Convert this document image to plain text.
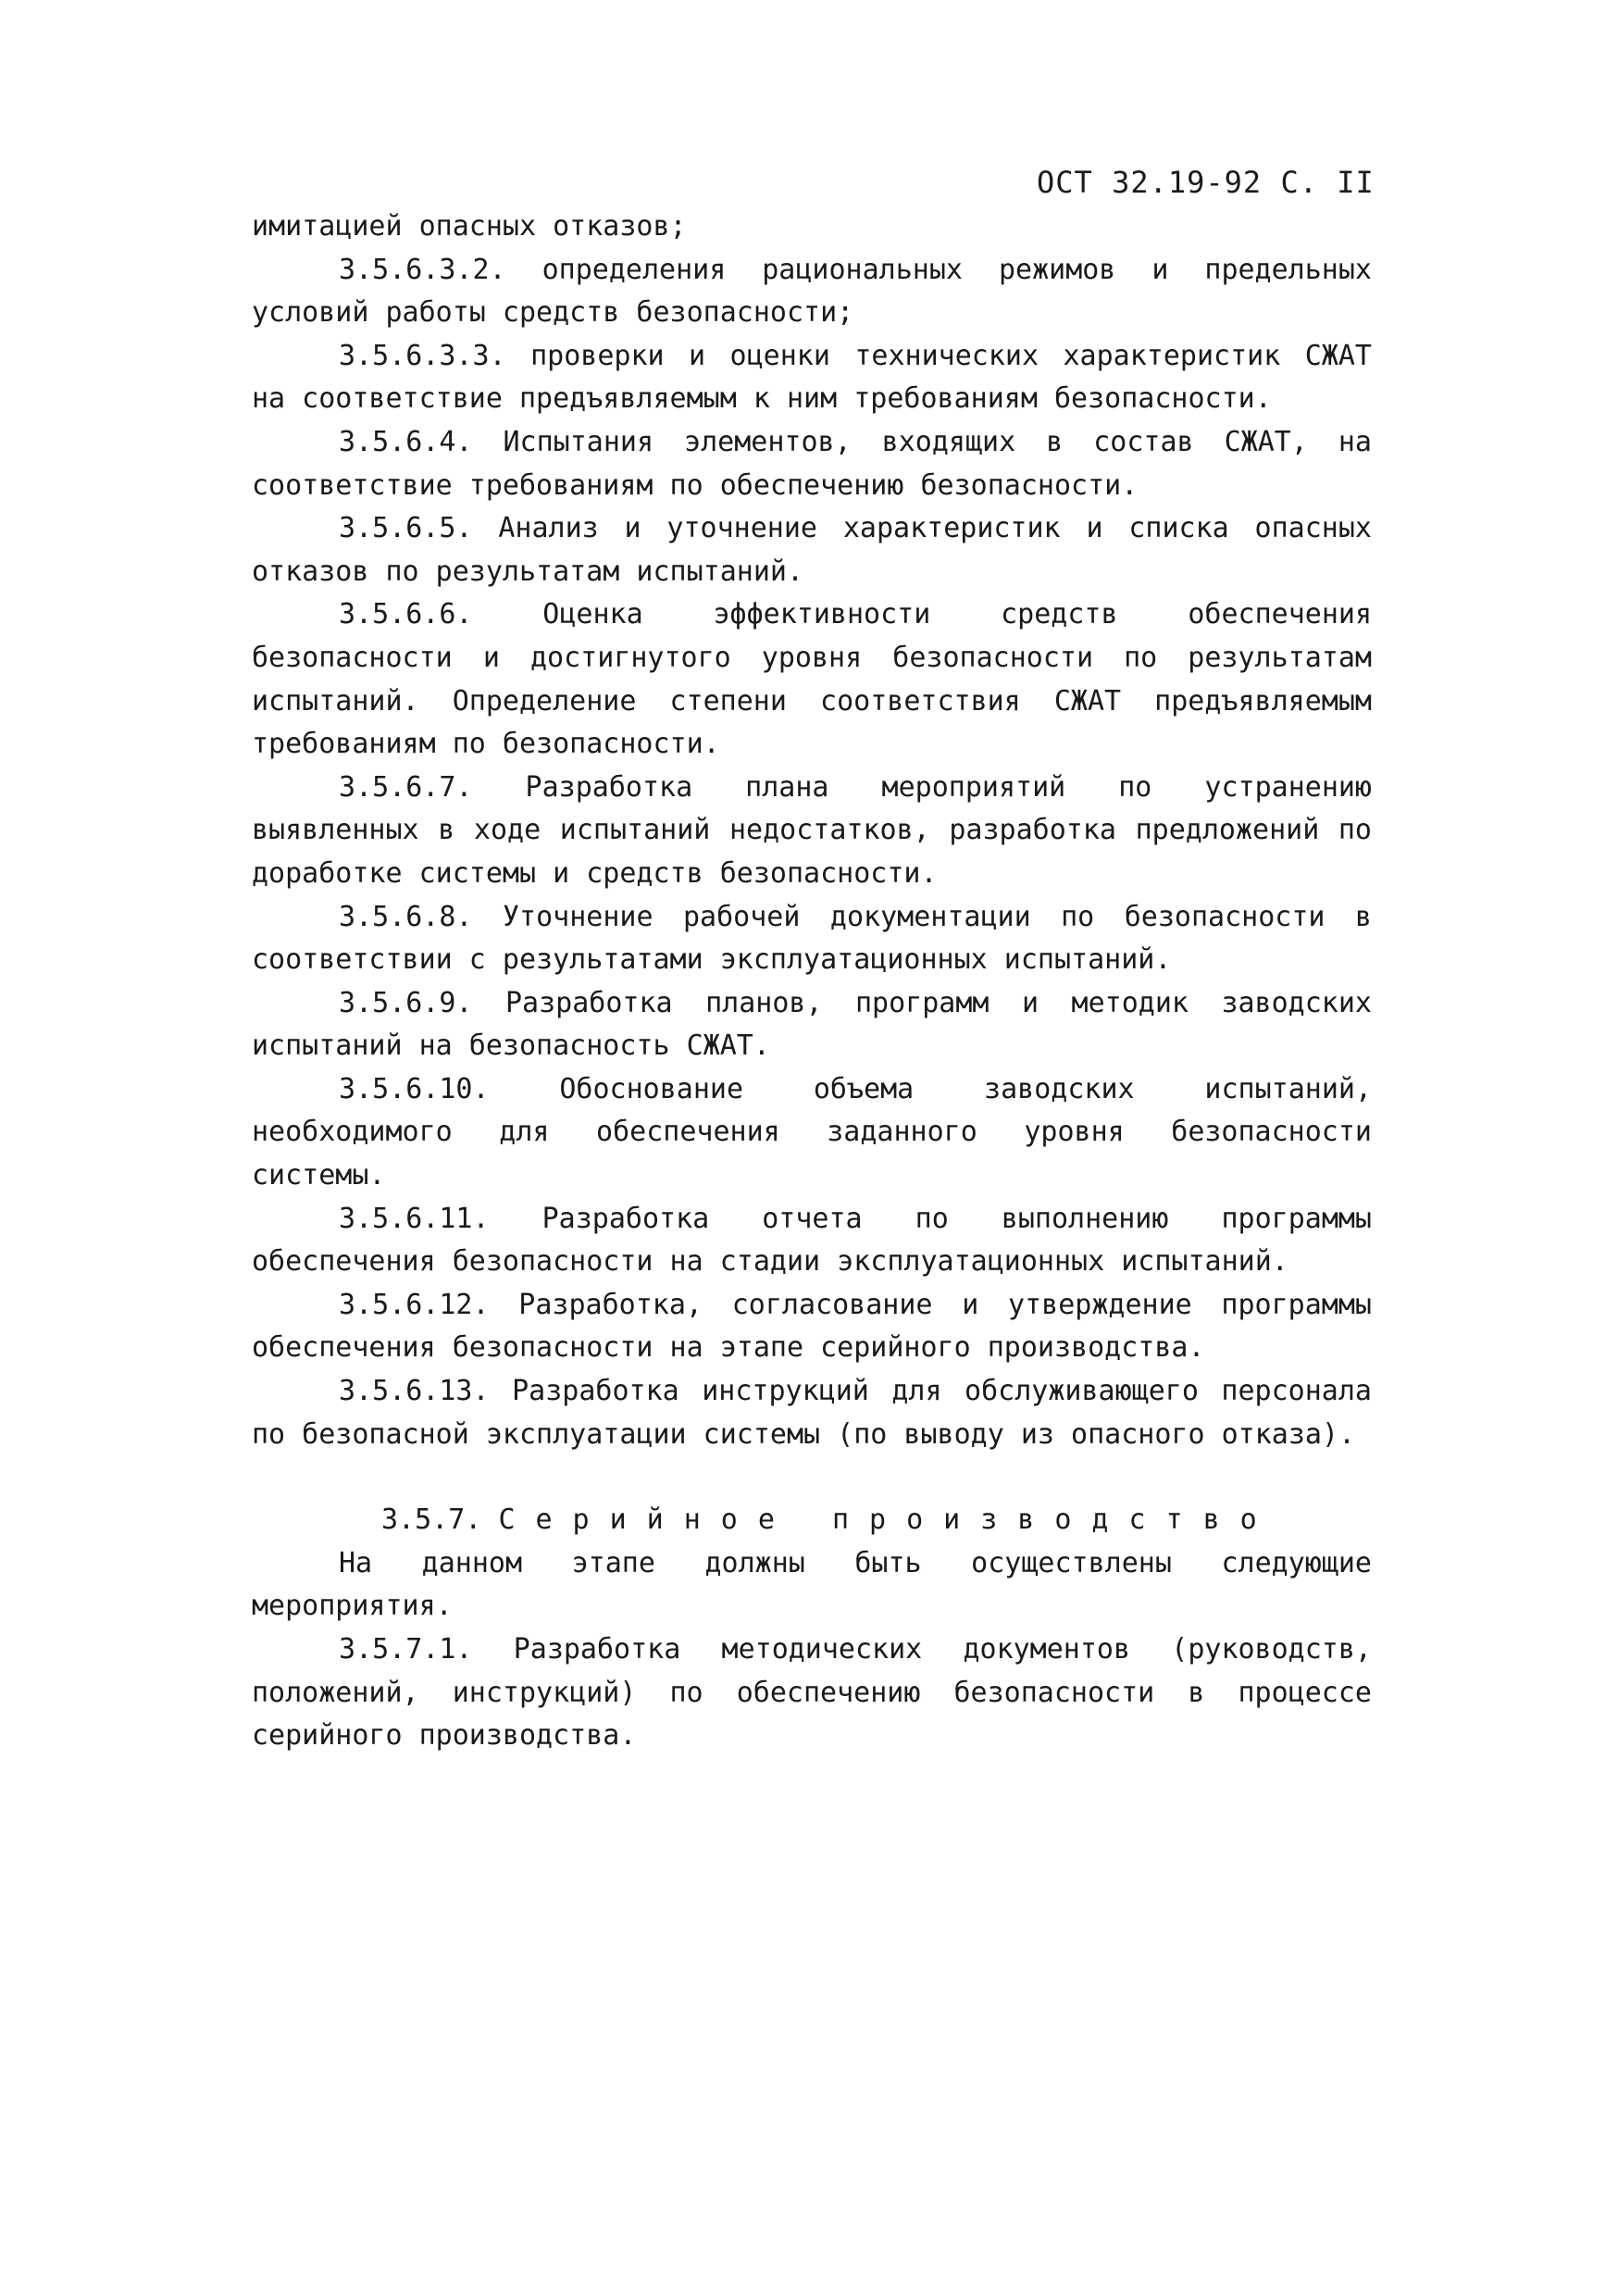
ОСТ 32.19-92 С. II

имитацией опасных отказов;

3.5.6.3.2. определения рациональных режимов и предельных условий работы средств безопасности;

3.5.6.3.3. проверки и оценки технических характеристик СЖАТ на соответствие предъявляемым к ним требованиям безопасности.

3.5.6.4. Испытания элементов, входящих в состав СЖАТ, на соответствие требованиям по обеспечению безопасности.

3.5.6.5. Анализ и уточнение характеристик и списка опасных отказов по результатам испытаний.

3.5.6.6. Оценка эффективности средств обеспечения безопасности и достигнутого уровня безопасности по результатам испытаний. Определение степени соответствия СЖАТ предъявляемым требованиям по безопасности.

3.5.6.7. Разработка плана мероприятий по устранению выявленных в ходе испытаний недостатков, разработка предложений по доработке системы и средств безопасности.

3.5.6.8. Уточнение рабочей документации по безопасности в соответствии с результатами эксплуатационных испытаний.

3.5.6.9. Разработка планов, программ и методик заводских испытаний на безопасность СЖАТ.

3.5.6.10. Обоснование объема заводских испытаний, необходимого для обеспечения заданного уровня безопасности системы.

3.5.6.11. Разработка отчета по выполнению программы обеспечения безопасности на стадии эксплуатационных испытаний.

3.5.6.12. Разработка, согласование и утверждение программы обеспечения безопасности на этапе серийного производства.

3.5.6.13. Разработка инструкций для обслуживающего персонала по безопасной эксплуатации системы (по выводу из опасного отказа).

3.5.7. Серийное производство

На данном этапе должны быть осуществлены следующие мероприятия.

3.5.7.1. Разработка методических документов (руководств, положений, инструкций) по обеспечению безопасности в процессе серийного производства.
